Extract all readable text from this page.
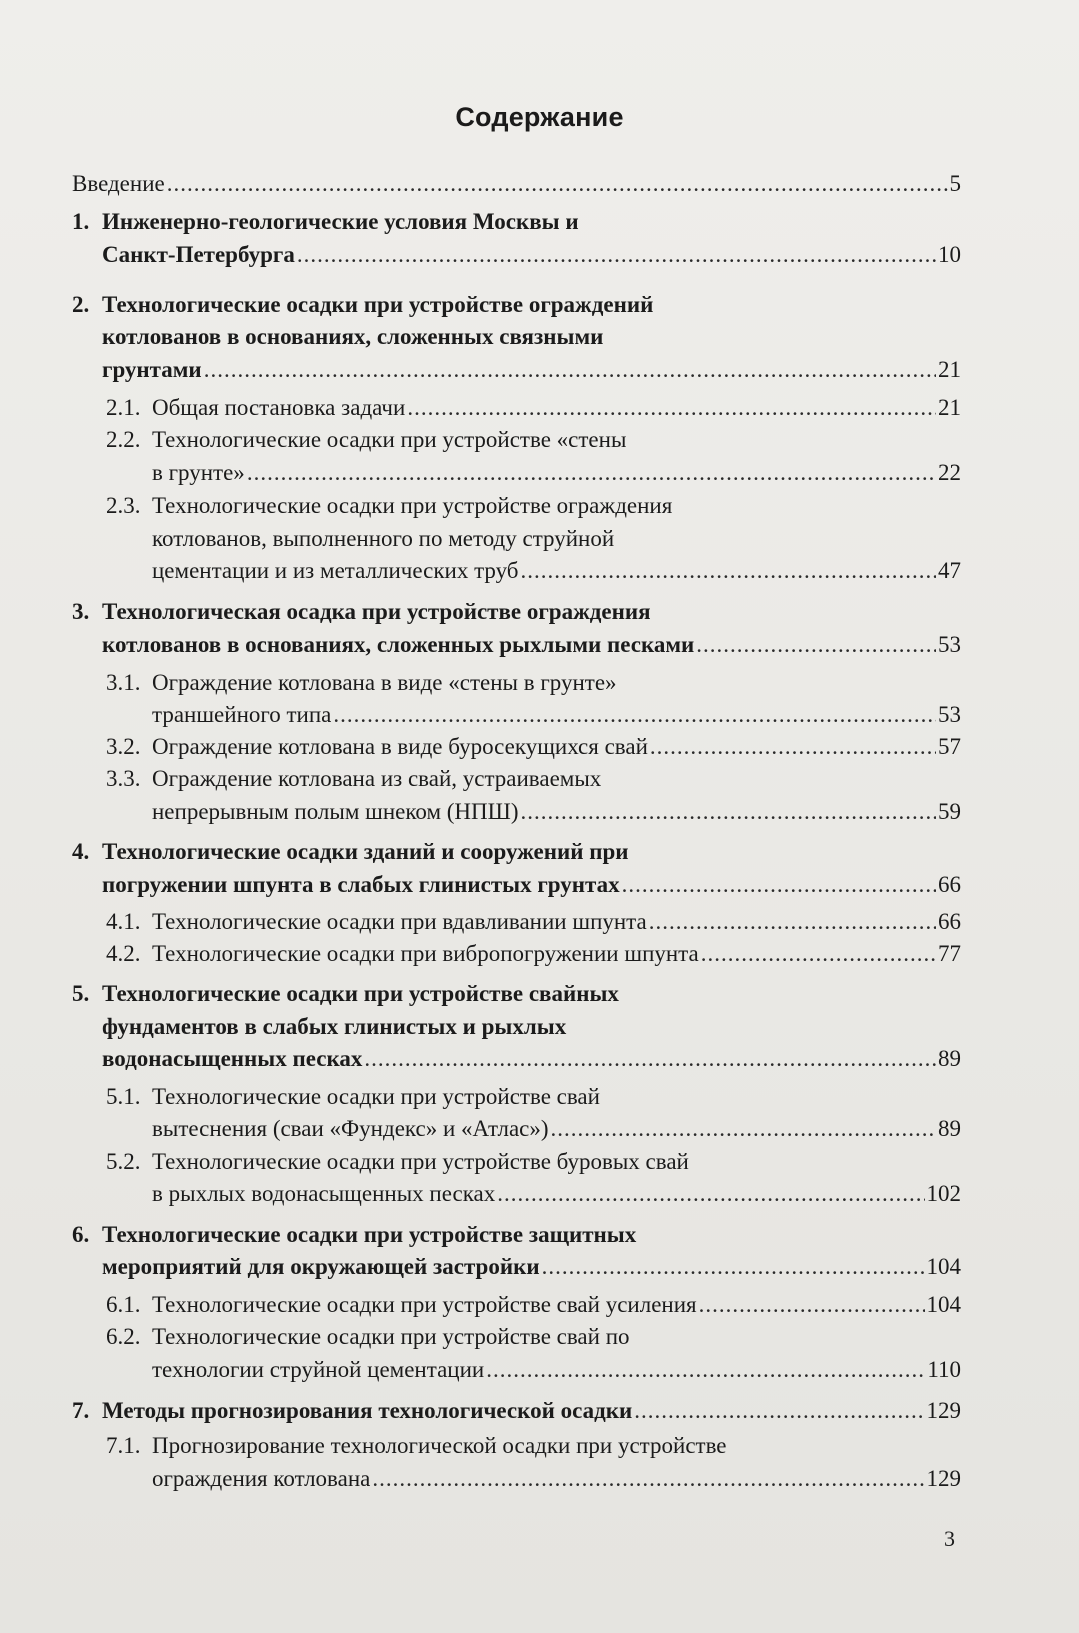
Содержание
Введение .....	5
1. Инженерно-геологические условия Москвы и
Санкт-Петербурга .....	10
2. Технологические осадки при устройстве ограждений
котлованов в основаниях, сложенных связными
грунтами .....	21
2.1. Общая постановка задачи .....	21
2.2. Технологические осадки при устройстве «стены
в грунте» .....	22
2.3. Технологические осадки при устройстве ограждения
котлованов, выполненного по методу струйной
цементации и из металлических труб .....	47
3. Технологическая осадка при устройстве ограждения
котлованов в основаниях, сложенных рыхлыми песками .....	53
3.1. Ограждение котлована в виде «стены в грунте»
траншейного типа .....	53
3.2. Ограждение котлована в виде буросекущихся свай .....	57
3.3. Ограждение котлована из свай, устраиваемых
непрерывным полым шнеком (НПШ) .....	59
4. Технологические осадки зданий и сооружений при
погружении шпунта в слабых глинистых грунтах .....	66
4.1. Технологические осадки при вдавливании шпунта .....	66
4.2. Технологические осадки при вибропогружении шпунта .....	77
5. Технологические осадки при устройстве свайных
фундаментов в слабых глинистых и рыхлых
водонасыщенных песках .....	89
5.1. Технологические осадки при устройстве свай
вытеснения (сваи «Фундекс» и «Атлас») .....	89
5.2. Технологические осадки при устройстве буровых свай
в рыхлых водонасыщенных песках .....	102
6. Технологические осадки при устройстве защитных
мероприятий для окружающей застройки .....	104
6.1. Технологические осадки при устройстве свай усиления .....	104
6.2. Технологические осадки при устройстве свай по
технологии струйной цементации .....	110
7. Методы прогнозирования технологической осадки .....	129
7.1. Прогнозирование технологической осадки при устройстве
ограждения котлована .....	129
3
